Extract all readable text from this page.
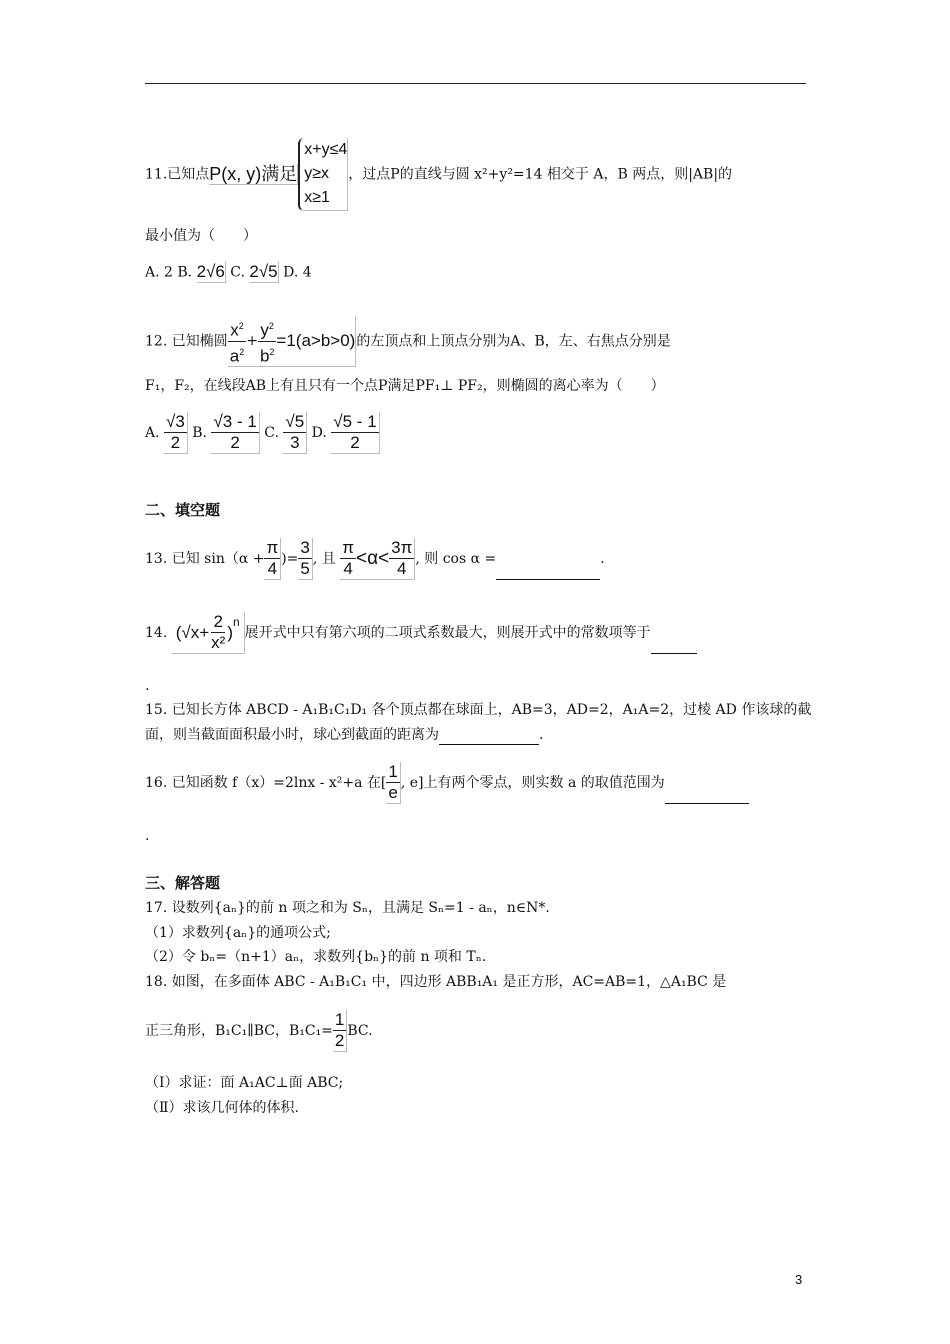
11.已知点P(x, y)满足
x+y≤4
y≥x
x≥1
，过点P的直线与圆 x²+y²=14 相交于 A，B 两点，则|AB|的
最小值为（　　）
A. 2 B. 2√6 C. 2√5 D. 4
12. 已知椭圆 $\frac{x^2}{a^2} + \frac{y^2}{b^2} =1(a>b>0)$的左顶点和上顶点分别为A、B，左、右焦点分别是
F₁，F₂，在线段AB上有且只有一个点P满足PF₁⊥ PF₂，则椭圆的离心率为（　　）
A. $\frac{√3}{2} B$. $\frac{√3 - 1}{2} C$. $\frac{√5}{3} D$. $\frac{√5 - 1}{2}$
二、填空题
13. 已知 $\sin(\alpha + \frac{\pi}{4}$ )= $\frac{3}{5}$ , 且 $\frac{\pi}{4} <\alpha< \frac{3\pi}{4}$ , 则 cos α =	.
14. $(√x+ \frac{2}{\text{x²}} )^n$展开式中只有第六项的二项式系数最大，则展开式中的常数项等于
.
15. 已知长方体 ABCD - A₁B₁C₁D₁ 各个顶点都在球面上，AB=3，AD=2，A₁A=2，过棱 AD 作该球的截
面，则当截面面积最小时，球心到截面的距离为	.
16. 已知函数 f（x）=2lnx - x²+a 在[ $\frac{1}{e}$ , e]上有两个零点，则实数 a 的取值范围为
.
三、解答题
17. 设数列{aₙ}的前 n 项之和为 Sₙ，且满足 Sₙ=1 - aₙ，n∈N*.
（1）求数列{aₙ}的通项公式;
（2）令 bₙ=（n+1）aₙ，求数列{bₙ}的前 n 项和 Tₙ.
18. 如图，在多面体 ABC - A₁B₁C₁ 中，四边形 ABB₁A₁ 是正方形，AC=AB=1，△A₁BC 是
正三角形，B₁C₁∥BC，$B_1C_1= \frac{1}{2}$ BC.
（Ⅰ）求证：面 A₁AC⊥面 ABC;
（Ⅱ）求该几何体的体积.
3
